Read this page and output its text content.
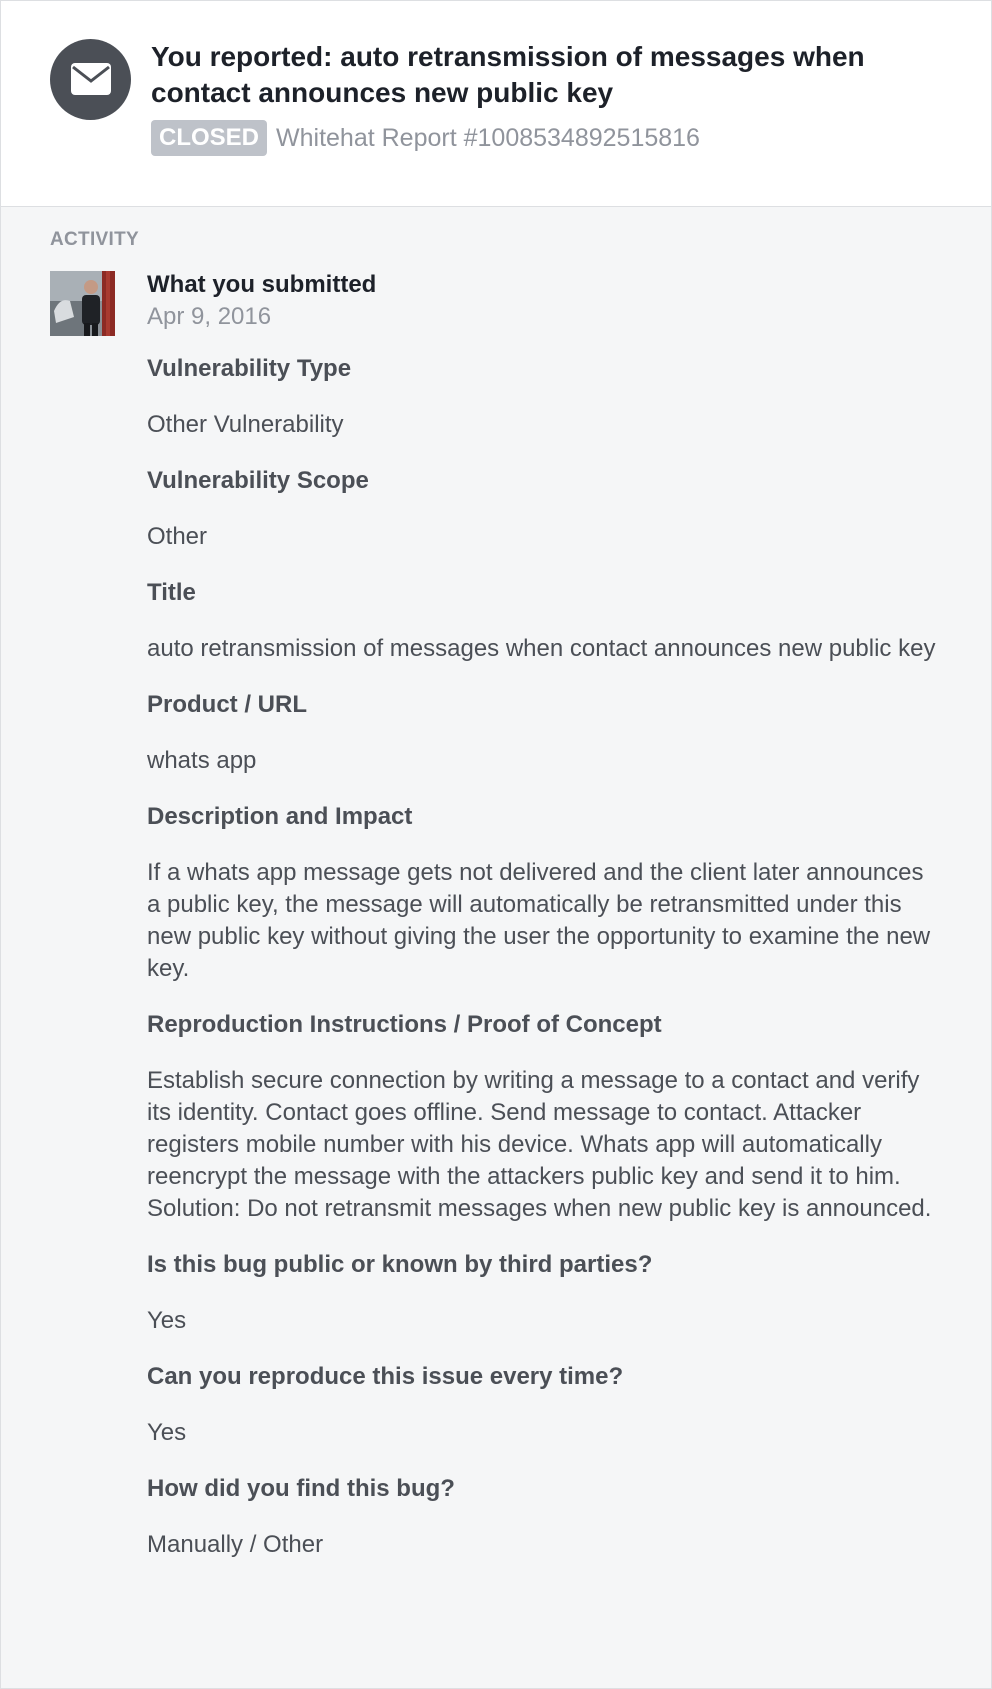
You reported: auto retransmission of messages when contact announces new public key
CLOSED Whitehat Report #1008534892515816
ACTIVITY
What you submitted
Apr 9, 2016
Vulnerability Type
Other Vulnerability
Vulnerability Scope
Other
Title
auto retransmission of messages when contact announces new public key
Product / URL
whats app
Description and Impact
If a whats app message gets not delivered and the client later announces a public key, the message will automatically be retransmitted under this new public key without giving the user the opportunity to examine the new key.
Reproduction Instructions / Proof of Concept
Establish secure connection by writing a message to a contact and verify its identity. Contact goes offline. Send message to contact. Attacker registers mobile number with his device. Whats app will automatically reencrypt the message with the attackers public key and send it to him.
Solution: Do not retransmit messages when new public key is announced.
Is this bug public or known by third parties?
Yes
Can you reproduce this issue every time?
Yes
How did you find this bug?
Manually / Other
